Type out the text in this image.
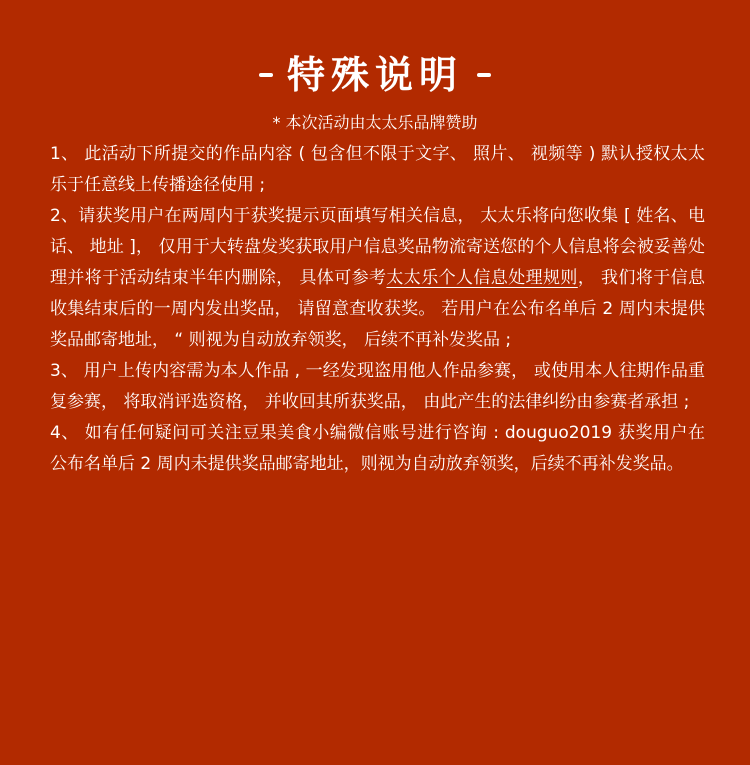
特殊说明
* 本次活动由太太乐品牌赞助

1、 此活动下所提交的作品内容 ( 包含但不限于文字、 照片、 视频等 ) 默认授权太太乐于任意线上传播途径使用 ;

2、请获奖用户在两周内于获奖提示页面填写相关信息， 太太乐将向您收集 [ 姓名、电话、 地址 ]， 仅用于大转盘发奖获取用户信息奖品物流寄送您的个人信息将会被妥善处理并将于活动结束半年内删除， 具体可参考太太乐个人信息处理规则， 我们将于信息收集结束后的一周内发出奖品， 请留意查收获奖。 若用户在公布名单后 2 周内未提供奖品邮寄地址， “ 则视为自动放弃领奖， 后续不再补发奖品 ;

3、 用户上传内容需为本人作品 , 一经发现盗用他人作品参赛， 或使用本人往期作品重复参赛， 将取消评选资格， 并收回其所获奖品， 由此产生的法律纠纷由参赛者承担 ;

4、 如有任何疑问可关注豆果美食小编微信账号进行咨询 : douguo2019 获奖用户在公布名单后 2 周内未提供奖品邮寄地址，则视为自动放弃领奖，后续不再补发奖品。
